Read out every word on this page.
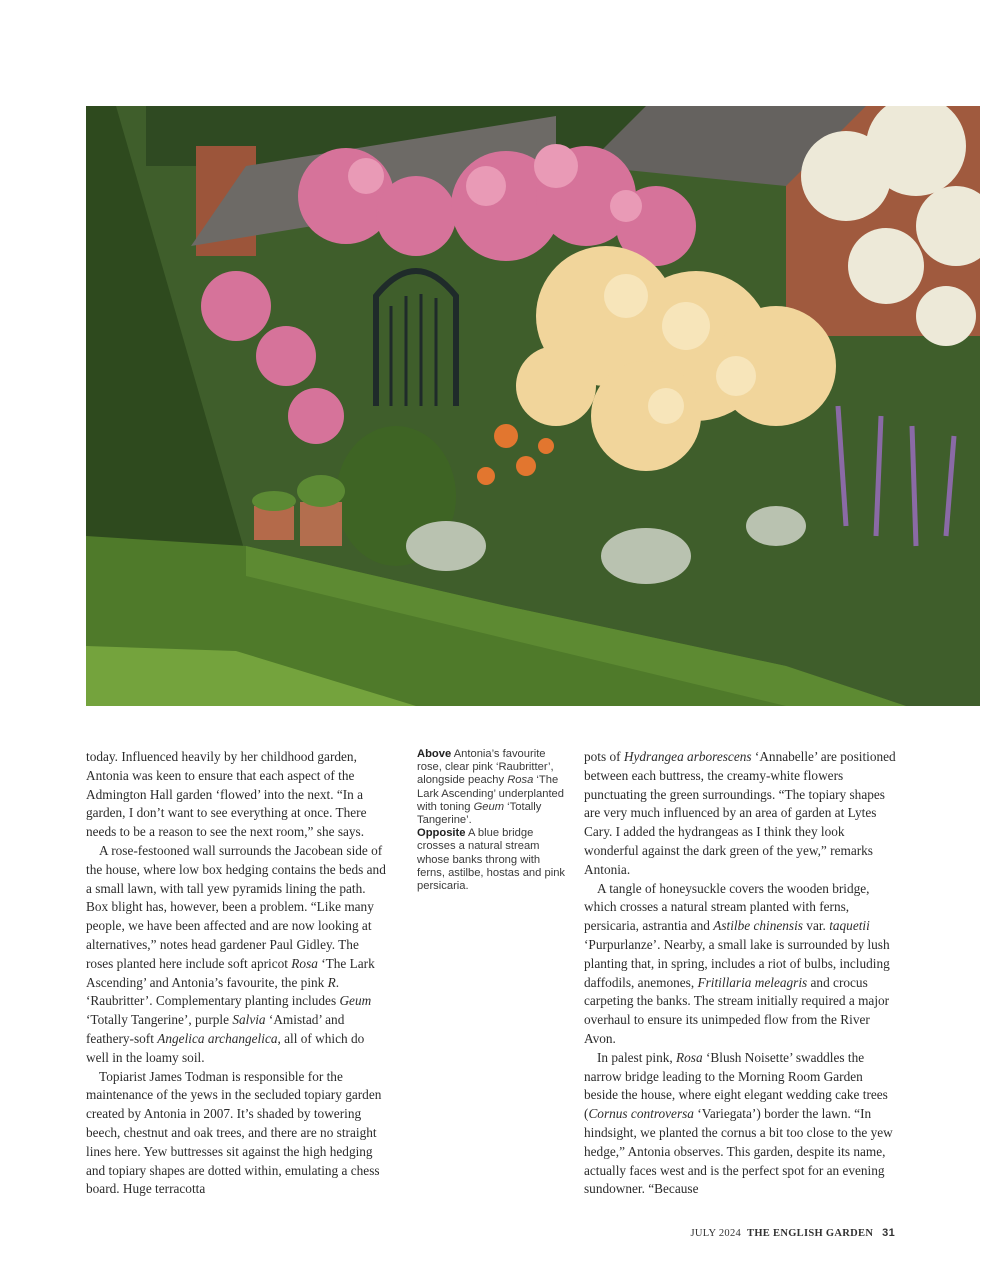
today. Influenced heavily by her childhood garden, Antonia was keen to ensure that each aspect of the Admington Hall garden ‘flowed’ into the next. “In a garden, I don’t want to see everything at once. There needs to be a reason to see the next room,” she says.

A rose-festooned wall surrounds the Jacobean side of the house, where low box hedging contains the beds and a small lawn, with tall yew pyramids lining the path. Box blight has, however, been a problem. “Like many people, we have been affected and are now looking at alternatives,” notes head gardener Paul Gidley. The roses planted here include soft apricot Rosa ‘The Lark Ascending’ and Antonia’s favourite, the pink R. ‘Raubritter’. Complementary planting includes Geum ‘Totally Tangerine’, purple Salvia ‘Amistad’ and feathery-soft Angelica archangelica, all of which do well in the loamy soil.

Topiarist James Todman is responsible for the maintenance of the yews in the secluded topiary garden created by Antonia in 2007. It’s shaded by towering beech, chestnut and oak trees, and there are no straight lines here. Yew buttresses sit against the high hedging and topiary shapes are dotted within, emulating a chess board. Huge terracotta

Above Antonia’s favourite rose, clear pink ‘Raubritter’, alongside peachy Rosa ‘The Lark Ascending’ underplanted with toning Geum ‘Totally Tangerine’.

Opposite A blue bridge crosses a natural stream whose banks throng with ferns, astilbe, hostas and pink persicaria.

pots of Hydrangea arborescens ‘Annabelle’ are positioned between each buttress, the creamy-white flowers punctuating the green surroundings. “The topiary shapes are very much influenced by an area of garden at Lytes Cary. I added the hydrangeas as I think they look wonderful against the dark green of the yew,” remarks Antonia.

A tangle of honeysuckle covers the wooden bridge, which crosses a natural stream planted with ferns, persicaria, astrantia and Astilbe chinensis var. taquetii ‘Purpurlanze’. Nearby, a small lake is surrounded by lush planting that, in spring, includes a riot of bulbs, including daffodils, anemones, Fritillaria meleagris and crocus carpeting the banks. The stream initially required a major overhaul to ensure its unimpeded flow from the River Avon.

In palest pink, Rosa ‘Blush Noisette’ swaddles the narrow bridge leading to the Morning Room Garden beside the house, where eight elegant wedding cake trees (Cornus controversa ‘Variegata’) border the lawn. “In hindsight, we planted the cornus a bit too close to the yew hedge,” Antonia observes. This garden, despite its name, actually faces west and is the perfect spot for an evening sundowner. “Because

JULY 2024 THE ENGLISH GARDEN 31
